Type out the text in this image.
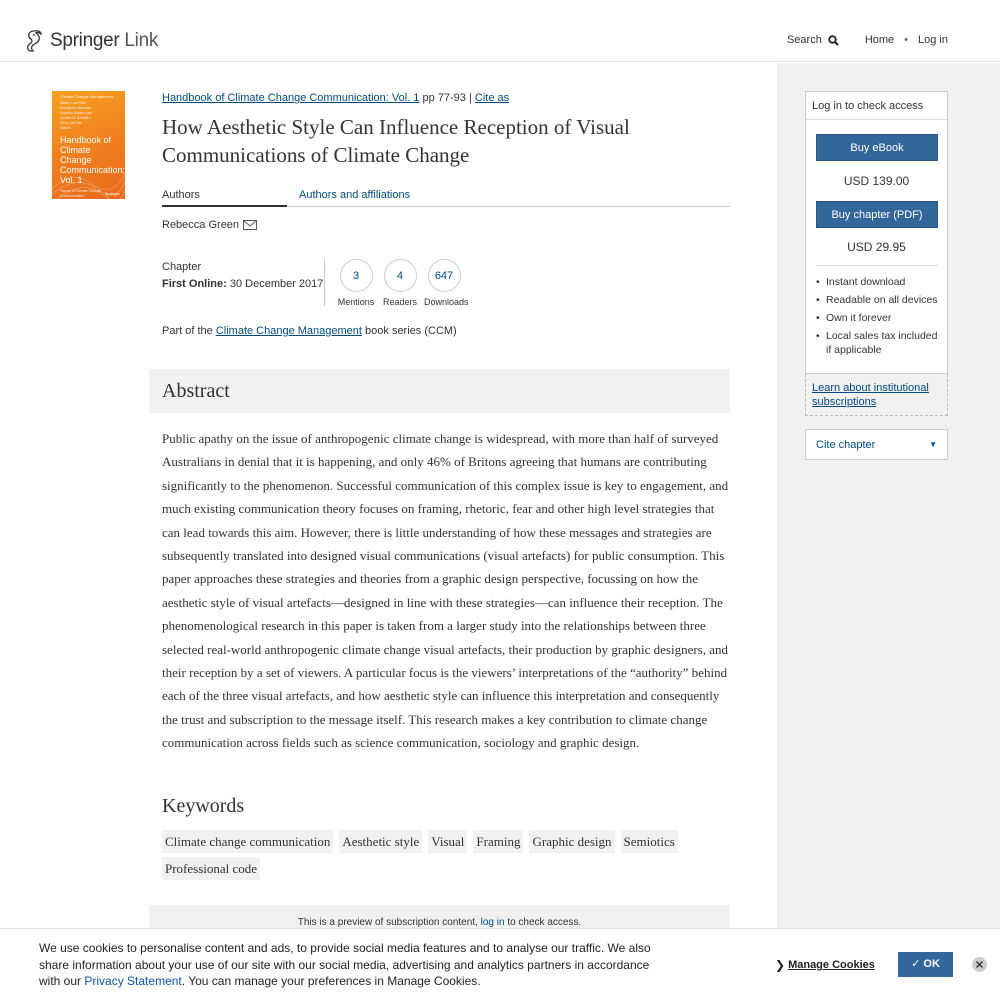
Springer Link	Search	Home • Log in
Climate Change Management
Walter Leal Filho
Evangelos Manolas
Anabela Marisa Azul
Ulisses M. Azeiteiro
Henry McGhie
Editors
Handbook of Climate Change Communication: Vol. 1
Theory of Climate Change Communication	Springer
Handbook of Climate Change Communication: Vol. 1 pp 77-93 | Cite as
How Aesthetic Style Can Influence Reception of Visual Communications of Climate Change
Authors	Authors and affiliations
Rebecca Green
Chapter
First Online: 30 December 2017
3
Mentions
4
Readers
647
Downloads
Part of the Climate Change Management book series (CCM)
Abstract

Public apathy on the issue of anthropogenic climate change is widespread, with more than half of surveyed Australians in denial that it is happening, and only 46% of Britons agreeing that humans are contributing significantly to the phenomenon. Successful communication of this complex issue is key to engagement, and much existing communication theory focuses on framing, rhetoric, fear and other high level strategies that can lead towards this aim. However, there is little understanding of how these messages and strategies are subsequently translated into designed visual communications (visual artefacts) for public consumption. This paper approaches these strategies and theories from a graphic design perspective, focussing on how the aesthetic style of visual artefacts—designed in line with these strategies—can influence their reception. The phenomenological research in this paper is taken from a larger study into the relationships between three selected real-world anthropogenic climate change visual artefacts, their production by graphic designers, and their reception by a set of viewers. A particular focus is the viewers’ interpretations of the “authority” behind each of the three visual artefacts, and how aesthetic style can influence this interpretation and consequently the trust and subscription to the message itself. This research makes a key contribution to climate change communication across fields such as science communication, sociology and graphic design.

Keywords
Climate change communication Aesthetic style Visual Framing Graphic design Semiotics
Professional code
This is a preview of subscription content, log in to check access.
Log in to check access
Buy eBook
USD 139.00
Buy chapter (PDF)
USD 29.95
• Instant download
• Readable on all devices
• Own it forever
• Local sales tax included if applicable
Learn about institutional subscriptions
Cite chapter	▼

We use cookies to personalise content and ads, to provide social media features and to analyse our traffic. We also share information about your use of our site with our social media, advertising and analytics partners in accordance with our Privacy Statement. You can manage your preferences in Manage Cookies.

❯ Manage Cookies	✓ OK
